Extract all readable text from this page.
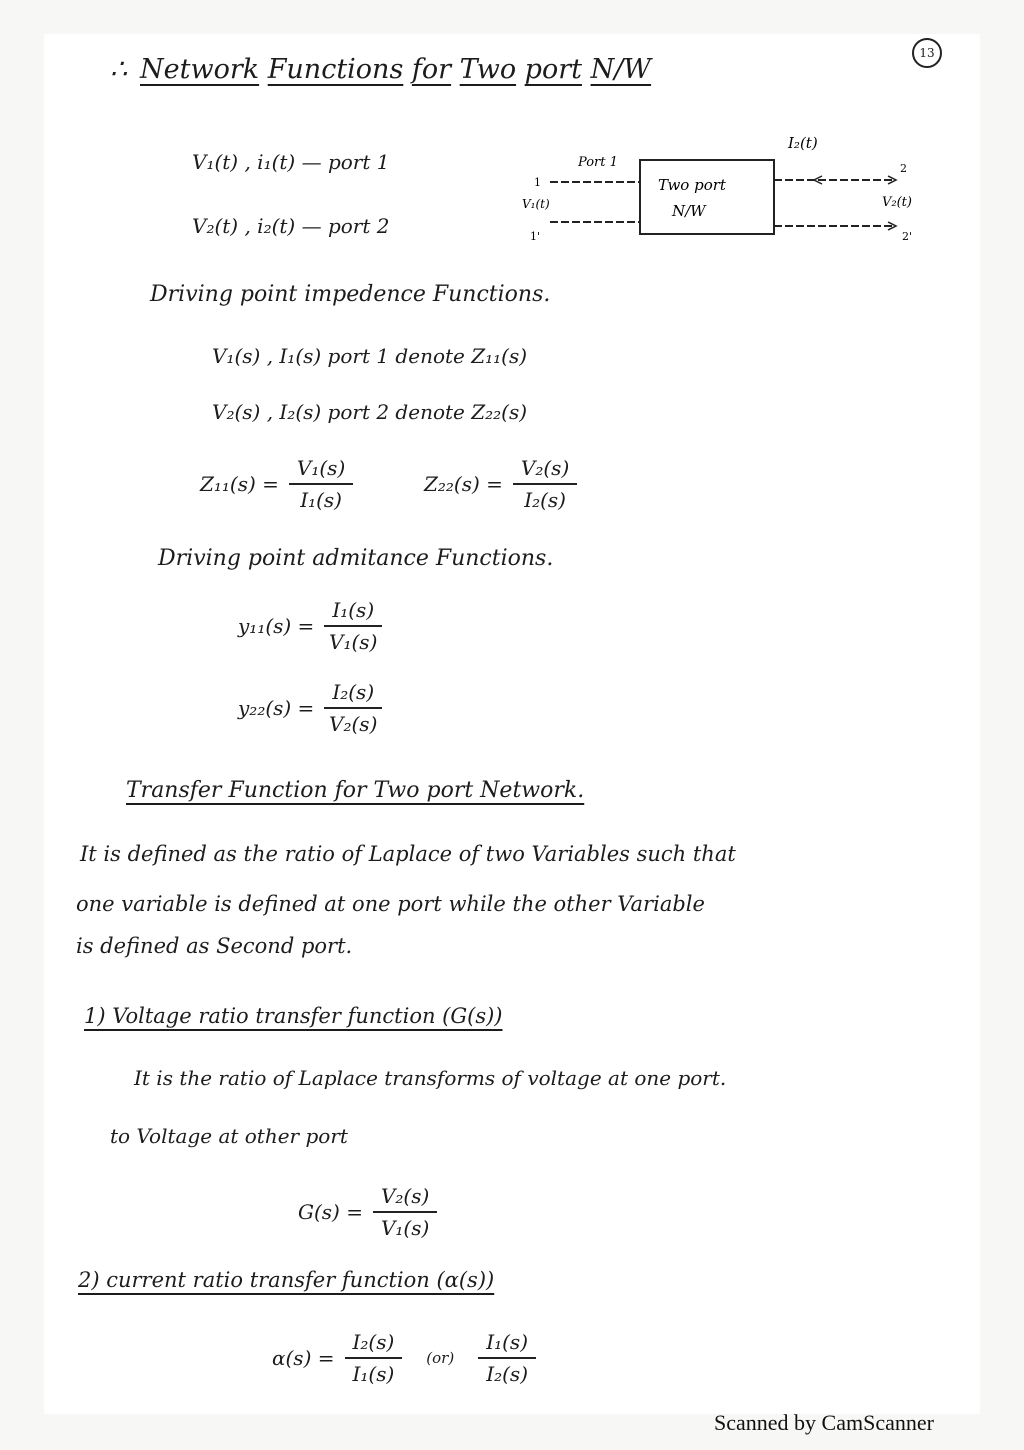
13
∴ Network Functions for Two port N/W
V₁(t) , i₁(t) — port 1
V₂(t) , i₂(t) — port 2
Port 1
Two port
N/W
V₁(t)
I₂(t)
V₂(t)
1
1'
2
2'
Driving point impedence Functions.
V₁(s) , I₁(s) port 1 denote Z₁₁(s)
V₂(s) , I₂(s) port 2 denote Z₂₂(s)
$Z_{11}(s) = \frac{\text{V₁(s)}}{\text{I₁(s)}}$	$Z_{22}(s) = \frac{\text{V₂(s)}}{\text{I₂(s)}}$
Driving point admitance Functions.
$y_{11}(s) = \frac{\text{I₁(s)}}{\text{V₁(s)}}$
$y_{22}(s) = \frac{\text{I₂(s)}}{\text{V₂(s)}}$
Transfer Function for Two port Network.
It is defined as the ratio of Laplace of two Variables such that
one variable is defined at one port while the other Variable
is defined as Second port.
1) Voltage ratio transfer function (G(s))
It is the ratio of Laplace transforms of voltage at one port.
to Voltage at other port
$G(s) = \frac{\text{V₂(s)}}{\text{V₁(s)}}$
2) current ratio transfer function (α(s))
$\alpha(s) = \frac{\text{I₂(s)}}{\text{I₁(s)}} (or) \frac{\text{I₁(s)}}{\text{I₂(s)}}$
Scanned by CamScanner
